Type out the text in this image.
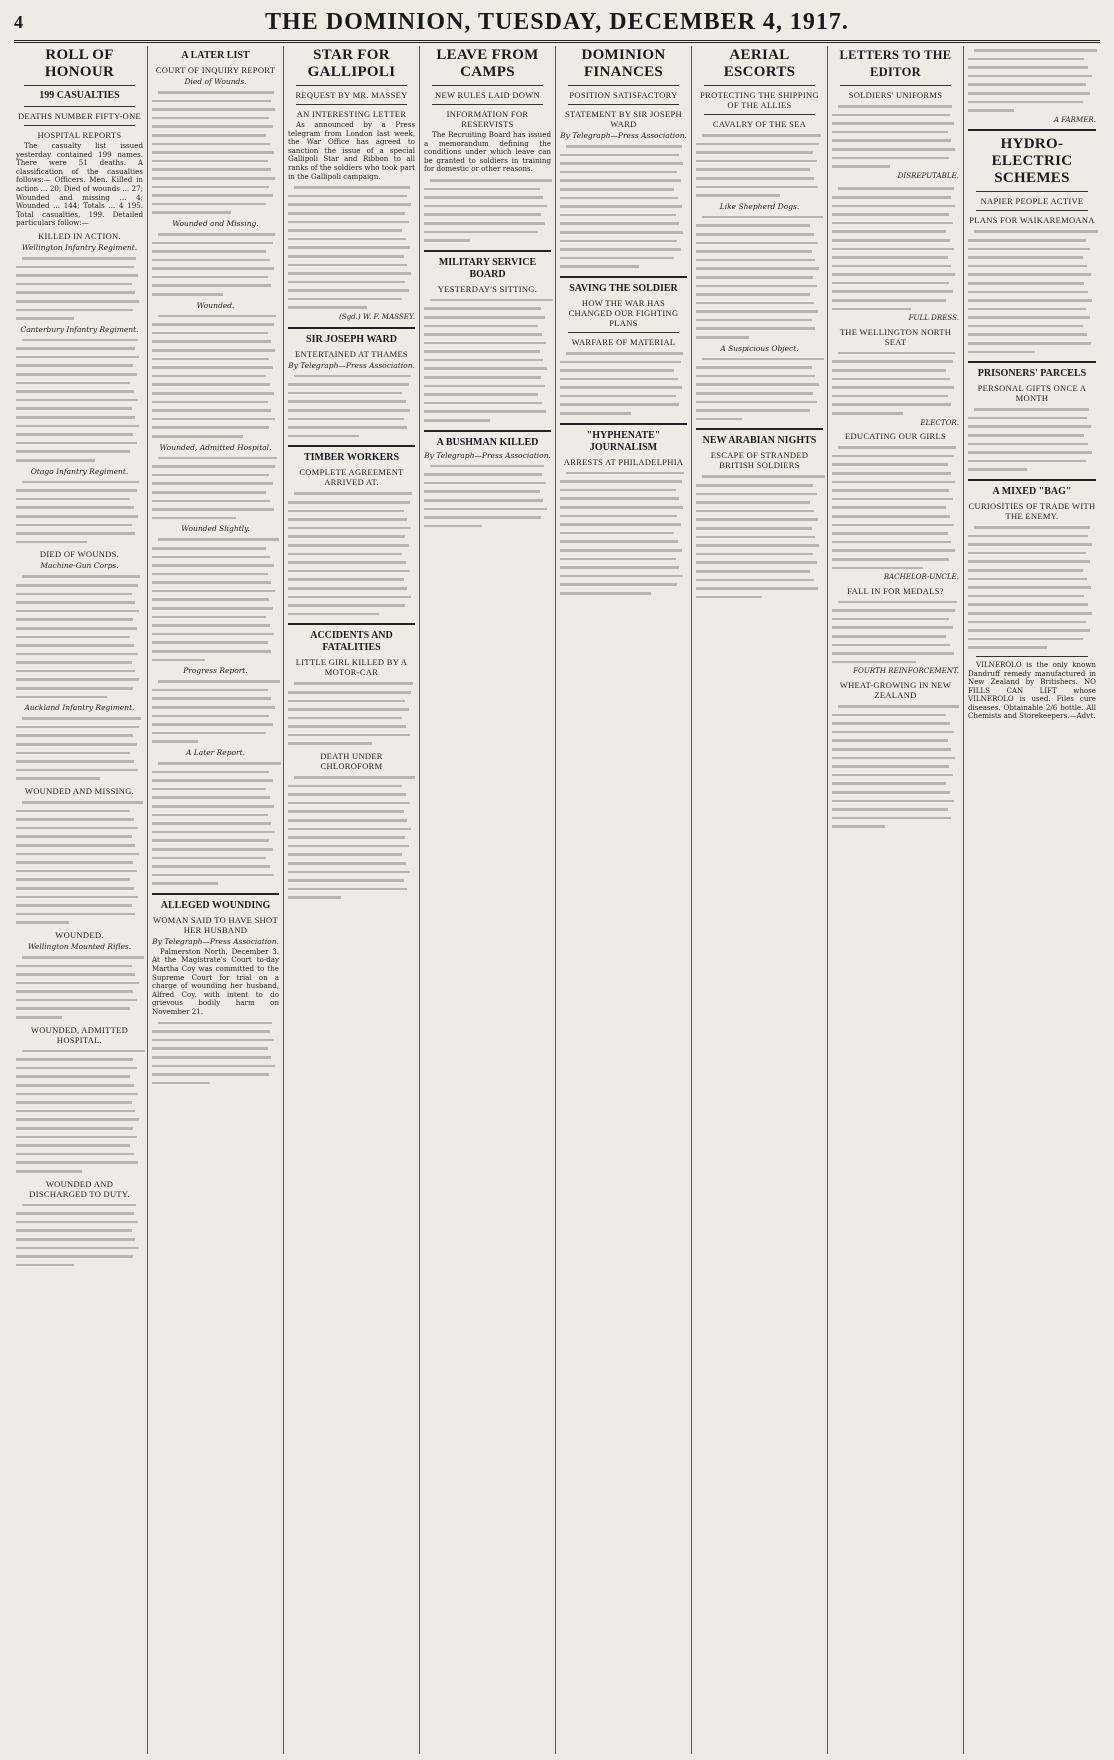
4	THE DOMINION, TUESDAY, DECEMBER 4, 1917.
ROLL OF HONOUR
199 CASUALTIES
DEATHS NUMBER FIFTY-ONE
HOSPITAL REPORTS

The casualty list issued yesterday contained 199 names. There were 51 deaths. A classification of the casualties follows:— Officers. Men. Killed in action ... 20; Died of wounds ... 27; Wounded and missing ... 4; Wounded ... 144; Totals ... 4 195. Total casualties, 199. Detailed particulars follow:—

KILLED IN ACTION.
Wellington Infantry Regiment.
Canterbury Infantry Regiment.
Otago Infantry Regiment.
DIED OF WOUNDS.
Machine-Gun Corps.
Auckland Infantry Regiment.
WOUNDED AND MISSING.
WOUNDED.
Wellington Mounted Rifles.
WOUNDED, ADMITTED HOSPITAL.
WOUNDED AND DISCHARGED TO DUTY.
A LATER LIST
COURT OF INQUIRY REPORT
Died of Wounds.
Wounded and Missing.
Wounded.
Wounded, Admitted Hospital.
Wounded Slightly.
Progress Report.
A Later Report.
ALLEGED WOUNDING
WOMAN SAID TO HAVE SHOT HER HUSBAND
By Telegraph—Press Association.

Palmerston North, December 3. At the Magistrate's Court to-day Martha Coy was committed to the Supreme Court for trial on a charge of wounding her husband, Alfred Coy, with intent to do grievous bodily harm on November 21.

STAR FOR GALLIPOLI
REQUEST BY MR. MASSEY
AN INTERESTING LETTER

As announced by a Press telegram from London last week, the War Office has agreed to sanction the issue of a special Gallipoli Star and Ribbon to all ranks of the soldiers who took part in the Gallipoli campaign.

(Sgd.) W. F. MASSEY.
SIR JOSEPH WARD
ENTERTAINED AT THAMES
By Telegraph—Press Association.
TIMBER WORKERS
COMPLETE AGREEMENT ARRIVED AT.
ACCIDENTS AND FATALITIES
LITTLE GIRL KILLED BY A MOTOR-CAR
DEATH UNDER CHLOROFORM
LEAVE FROM CAMPS
NEW RULES LAID DOWN
INFORMATION FOR RESERVISTS

The Recruiting Board has issued a memorandum defining the conditions under which leave can be granted to soldiers in training for domestic or other reasons.

MILITARY SERVICE BOARD
YESTERDAY'S SITTING.
A BUSHMAN KILLED
By Telegraph—Press Association.
DOMINION FINANCES
POSITION SATISFACTORY
STATEMENT BY SIR JOSEPH WARD
By Telegraph—Press Association.
SAVING THE SOLDIER
HOW THE WAR HAS CHANGED OUR FIGHTING PLANS
WARFARE OF MATERIAL
"HYPHENATE" JOURNALISM
ARRESTS AT PHILADELPHIA
AERIAL ESCORTS
PROTECTING THE SHIPPING OF THE ALLIES
CAVALRY OF THE SEA
Like Shepherd Dogs.
A Suspicious Object.
NEW ARABIAN NIGHTS
ESCAPE OF STRANDED BRITISH SOLDIERS
LETTERS TO THE EDITOR
SOLDIERS' UNIFORMS
DISREPUTABLE.
FULL DRESS.
THE WELLINGTON NORTH SEAT
ELECTOR.
EDUCATING OUR GIRLS
BACHELOR-UNCLE.
FALL IN FOR MEDALS?
FOURTH REINFORCEMENT.
WHEAT-GROWING IN NEW ZEALAND
A FARMER.
HYDRO-ELECTRIC SCHEMES
NAPIER PEOPLE ACTIVE
PLANS FOR WAIKAREMOANA
PRISONERS' PARCELS
PERSONAL GIFTS ONCE A MONTH
A MIXED "BAG"
CURIOSITIES OF TRADE WITH THE ENEMY.

VILNEROLO is the only known Dandruff remedy manufactured in New Zealand by Britishers. NO FILLS CAN LIFT whose VILNEROLO is used. Files cure diseases. Obtainable 2/6 bottle. All Chemists and Storekeepers.—Advt.
